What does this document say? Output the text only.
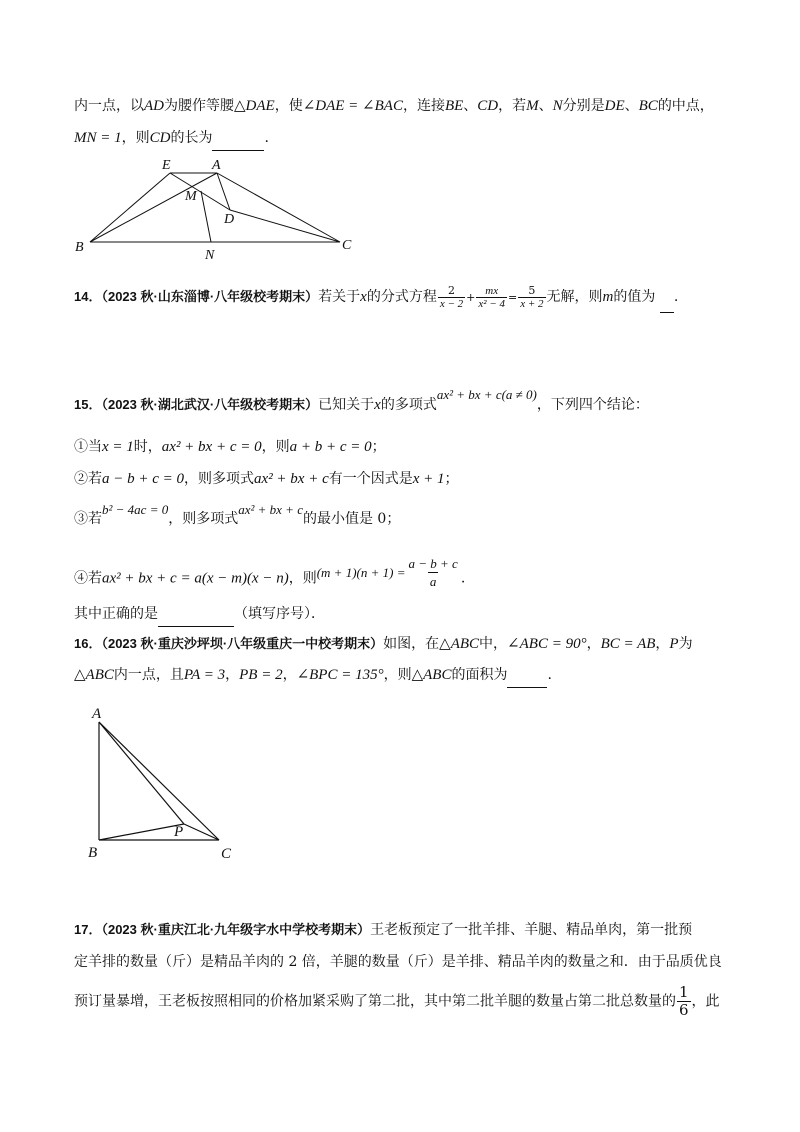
内一点，以AD为腰作等腰△DAE，使∠DAE = ∠BAC，连接BE、CD，若M、N分别是DE、BC的中点，
MN = 1，则CD的长为	.
E	A
M
D
B
N
C
14．（2023 秋·山东淄博·八年级校考期末）若关于x的分式方程 $\frac{2}{x - 2} + \frac{mx}{\text{x² − 4}} = \frac{5}{x + 2}$ 无解，则m的值为 .
15．（2023 秋·湖北武汉·八年级校考期末）已知关于x的多项式ax² + bx + c(a ≠ 0)，下列四个结论：
①当x = 1时，ax² + bx + c = 0，则a + b + c = 0；
②若a − b + c = 0，则多项式ax² + bx + c有一个因式是x + 1；
③若b² − 4ac = 0，则多项式ax² + bx + c的最小值是 0；
④若ax² + bx + c = a(x − m)(x − n)，则$(m + 1)(n + 1) = \frac{a - b + c}{a}$ .
其中正确的是	（填写序号）．
16．（2023 秋·重庆沙坪坝·八年级重庆一中校考期末）如图，在△ABC中，∠ABC = 90°，BC = AB，P为
△ABC内一点，且PA = 3，PB = 2，∠BPC = 135°，则△ABC的面积为	.
A
P
B	C
17．（2023 秋·重庆江北·九年级字水中学校考期末）王老板预定了一批羊排、羊腿、精品单肉，第一批预
定羊排的数量（斤）是精品羊肉的 2 倍，羊腿的数量（斤）是羊排、精品羊肉的数量之和．由于品质优良
预订量暴增，王老板按照相同的价格加紧采购了第二批，其中第二批羊腿的数量占第二批总数量的 $\frac{1}{6}$ ，此
